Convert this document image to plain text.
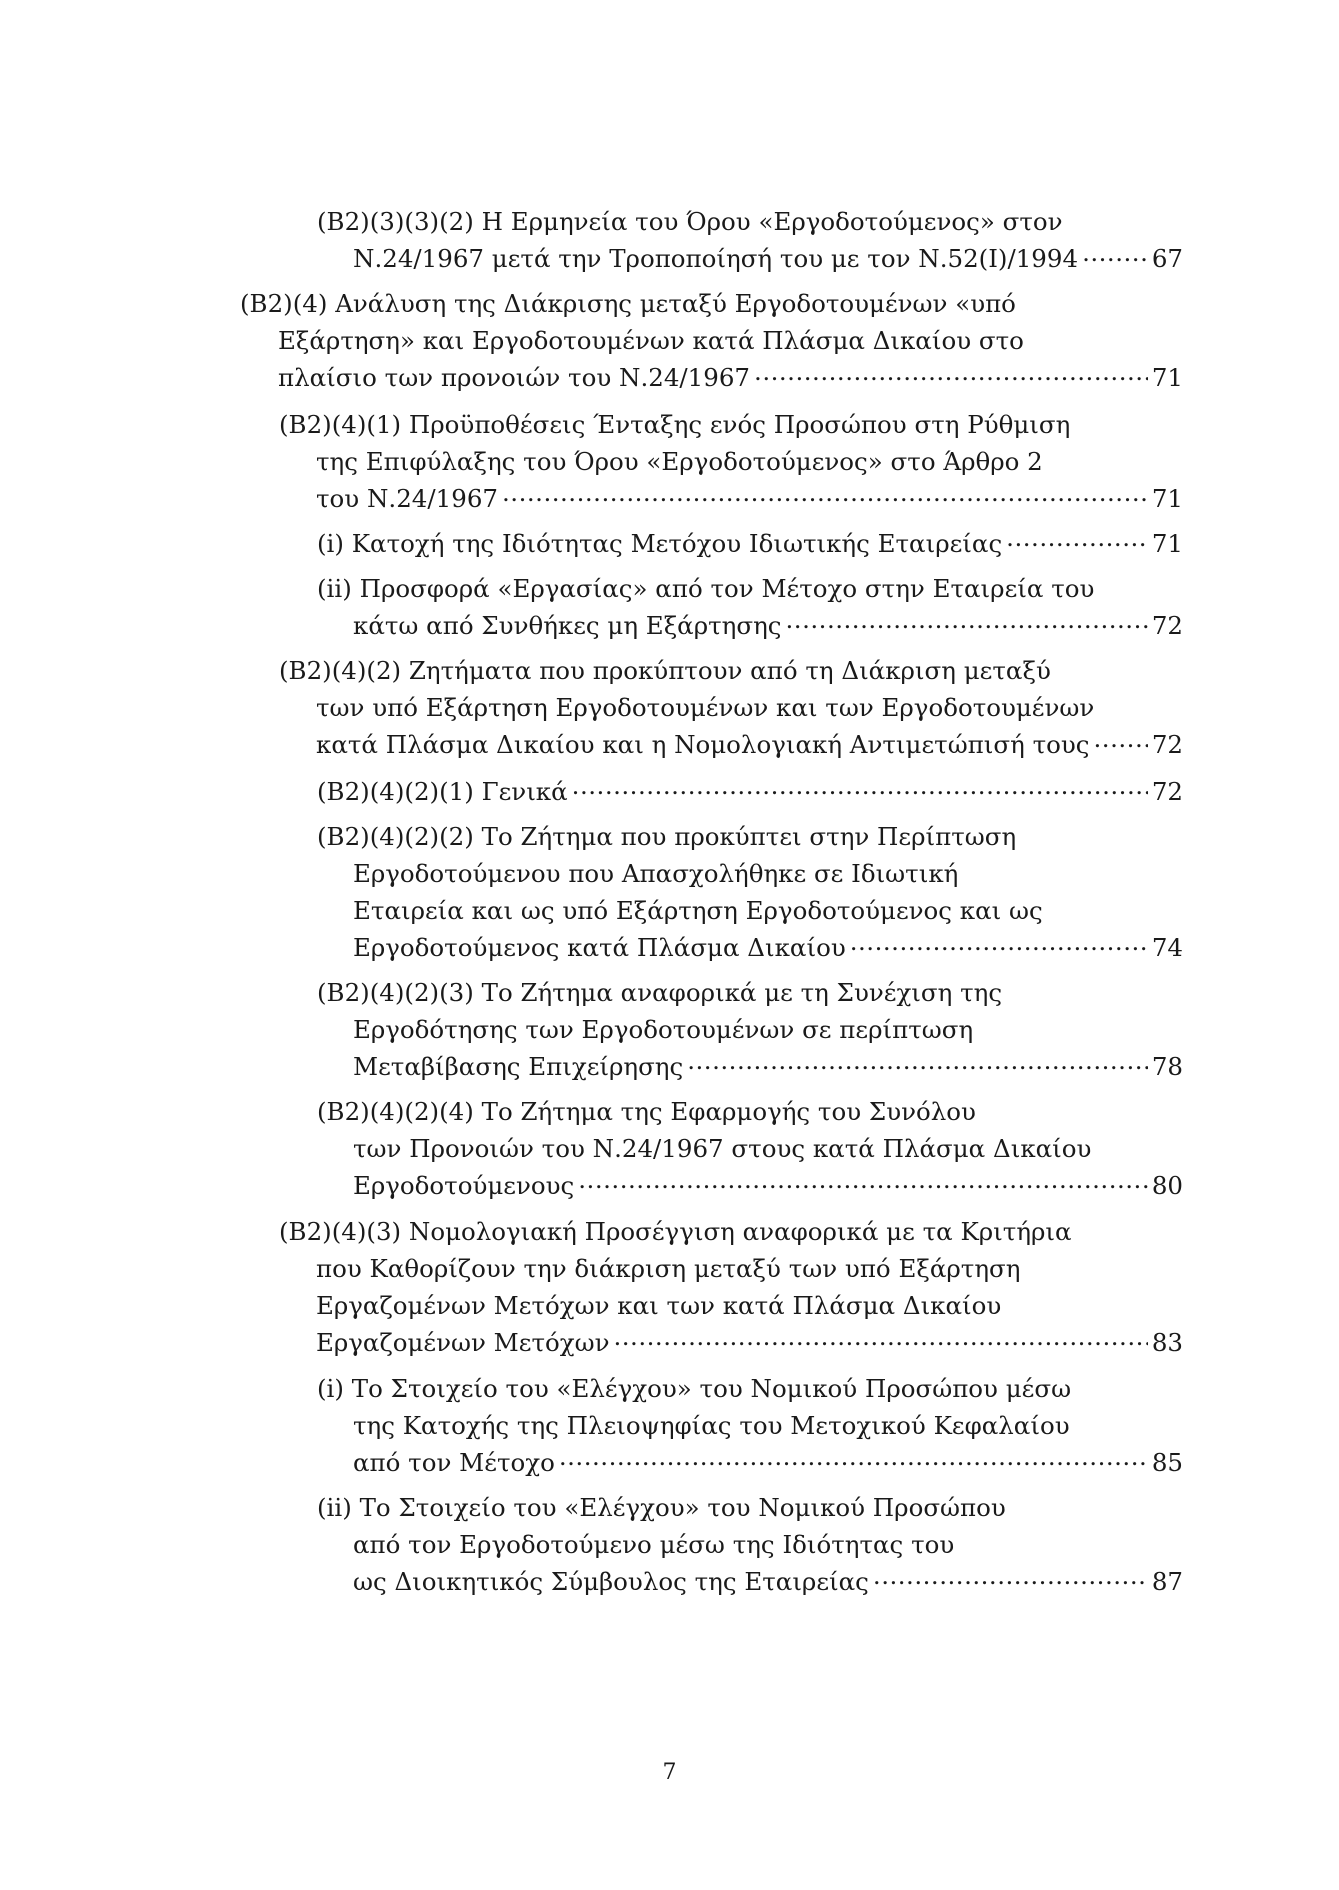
(Β2)(3)(3)(2) Η Ερμηνεία του Όρου «Εργοδοτούμενος» στον
Ν.24/1967 μετά την Τροποποίησή του με τον Ν.52(Ι)/1994 .....	67
(Β2)(4) Ανάλυση της Διάκρισης μεταξύ Εργοδοτουμένων «υπό
Εξάρτηση» και Εργοδοτουμένων κατά Πλάσμα Δικαίου στο
πλαίσιο των προνοιών του Ν.24/1967 .....	71
(Β2)(4)(1) Προϋποθέσεις Ένταξης ενός Προσώπου στη Ρύθμιση
της Επιφύλαξης του Όρου «Εργοδοτούμενος» στο Άρθρο 2
του Ν.24/1967 .....	71
(i) Κατοχή της Ιδιότητας Μετόχου Ιδιωτικής Εταιρείας .....	71
(ii) Προσφορά «Εργασίας» από τον Μέτοχο στην Εταιρεία του
κάτω από Συνθήκες μη Εξάρτησης .....	72
(Β2)(4)(2) Ζητήματα που προκύπτουν από τη Διάκριση μεταξύ
των υπό Εξάρτηση Εργοδοτουμένων και των Εργοδοτουμένων
κατά Πλάσμα Δικαίου και η Νομολογιακή Αντιμετώπισή τους .....	72
(Β2)(4)(2)(1) Γενικά .....	72
(Β2)(4)(2)(2) Το Ζήτημα που προκύπτει στην Περίπτωση
Εργοδοτούμενου που Απασχολήθηκε σε Ιδιωτική
Εταιρεία και ως υπό Εξάρτηση Εργοδοτούμενος και ως
Εργοδοτούμενος κατά Πλάσμα Δικαίου .....	74
(Β2)(4)(2)(3) Το Ζήτημα αναφορικά με τη Συνέχιση της
Εργοδότησης των Εργοδοτουμένων σε περίπτωση
Μεταβίβασης Επιχείρησης .....	78
(Β2)(4)(2)(4) Το Ζήτημα της Εφαρμογής του Συνόλου
των Προνοιών του Ν.24/1967 στους κατά Πλάσμα Δικαίου
Εργοδοτούμενους .....	80
(Β2)(4)(3) Νομολογιακή Προσέγγιση αναφορικά με τα Κριτήρια
που Καθορίζουν την διάκριση μεταξύ των υπό Εξάρτηση
Εργαζομένων Μετόχων και των κατά Πλάσμα Δικαίου
Εργαζομένων Μετόχων .....	83
(i) Το Στοιχείο του «Ελέγχου» του Νομικού Προσώπου μέσω
της Κατοχής της Πλειοψηφίας του Μετοχικού Κεφαλαίου
από τον Μέτοχο .....	85
(ii) Το Στοιχείο του «Ελέγχου» του Νομικού Προσώπου
από τον Εργοδοτούμενο μέσω της Ιδιότητας του
ως Διοικητικός Σύμβουλος της Εταιρείας .....	87
7
